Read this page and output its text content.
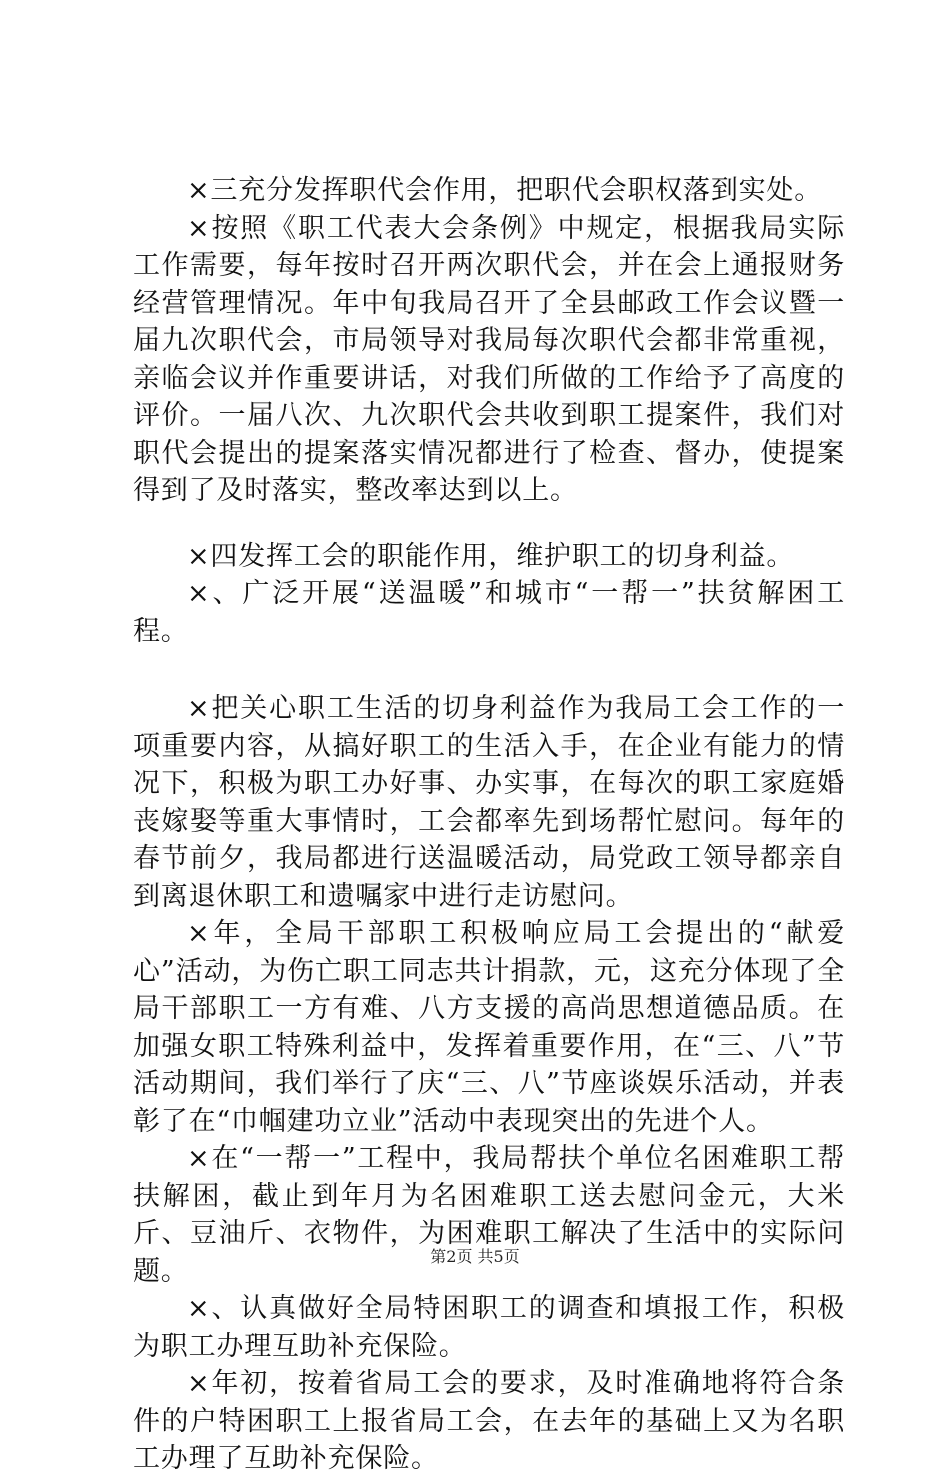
×三充分发挥职代会作用，把职代会职权落到实处。

×按照《职工代表大会条例》中规定，根据我局实际工作需要，每年按时召开两次职代会，并在会上通报财务经营管理情况。年中旬我局召开了全县邮政工作会议暨一届九次职代会，市局领导对我局每次职代会都非常重视，亲临会议并作重要讲话，对我们所做的工作给予了高度的评价。一届八次、九次职代会共收到职工提案件，我们对职代会提出的提案落实情况都进行了检查、督办，使提案得到了及时落实，整改率达到以上。

×四发挥工会的职能作用，维护职工的切身利益。

×、广泛开展“送温暖”和城市“一帮一”扶贫解困工程。

×把关心职工生活的切身利益作为我局工会工作的一项重要内容，从搞好职工的生活入手，在企业有能力的情况下，积极为职工办好事、办实事，在每次的职工家庭婚丧嫁娶等重大事情时，工会都率先到场帮忙慰问。每年的春节前夕，我局都进行送温暖活动，局党政工领导都亲自到离退休职工和遗嘱家中进行走访慰问。

×年，全局干部职工积极响应局工会提出的“献爱心”活动，为伤亡职工同志共计捐款，元，这充分体现了全局干部职工一方有难、八方支援的高尚思想道德品质。在加强女职工特殊利益中，发挥着重要作用，在“三、八”节活动期间，我们举行了庆“三、八”节座谈娱乐活动，并表彰了在“巾帼建功立业”活动中表现突出的先进个人。

×在“一帮一”工程中，我局帮扶个单位名困难职工帮扶解困，截止到年月为名困难职工送去慰问金元，大米斤、豆油斤、衣物件，为困难职工解决了生活中的实际问题。

×、认真做好全局特困职工的调查和填报工作，积极为职工办理互助补充保险。

×年初，按着省局工会的要求，及时准确地将符合条件的户特困职工上报省局工会，在去年的基础上又为名职工办理了互助补充保险。

第2页 共5页
